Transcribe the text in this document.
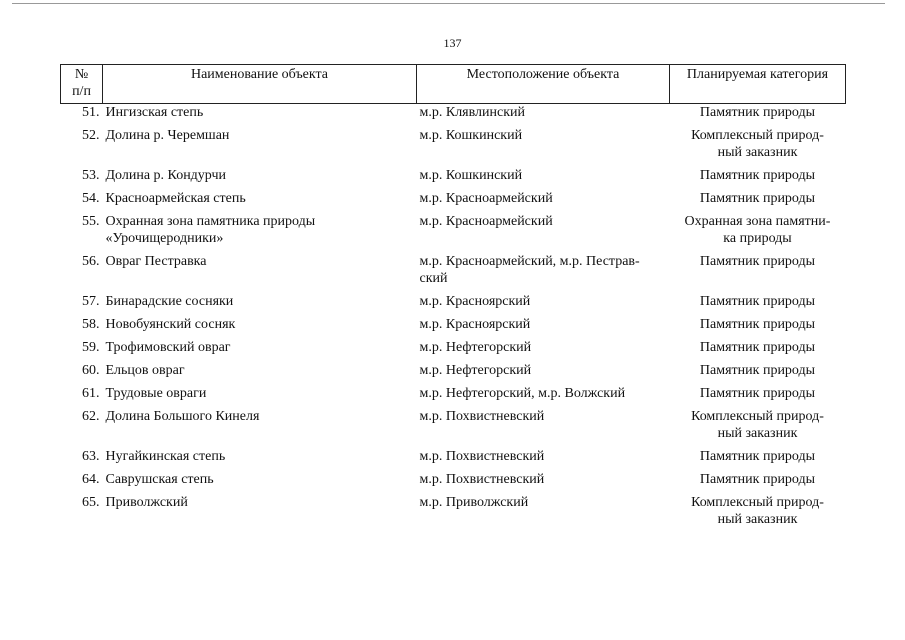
137
№
п/п	Наименование объекта	Местоположение объекта	Планируемая категория
51.	Ингизская степь	м.р. Клявлинский	Памятник природы

52.	Долина р. Черемшан	м.р. Кошкинский	Комплексный природ-
ный заказник

53.	Долина р. Кондурчи	м.р. Кошкинский	Памятник природы

54.	Красноармейская степь	м.р. Красноармейский	Памятник природы

55.	Охранная зона памятника природы «Урочищеродники»	м.р. Красноармейский	Охранная зона памятни-
ка природы

56.	Овраг Пестравка	м.р. Красноармейский, м.р. Пестрав-
ский	Памятник природы

57.	Бинарадские сосняки	м.р. Красноярский	Памятник природы

58.	Новобуянский сосняк	м.р. Красноярский	Памятник природы

59.	Трофимовский овраг	м.р. Нефтегорский	Памятник природы

60.	Ельцов овраг	м.р. Нефтегорский	Памятник природы

61.	Трудовые овраги	м.р. Нефтегорский, м.р. Волжский	Памятник природы

62.	Долина Большого Кинеля	м.р. Похвистневский	Комплексный природ-
ный заказник

63.	Нугайкинская степь	м.р. Похвистневский	Памятник природы

64.	Саврушская степь	м.р. Похвистневский	Памятник природы

65.	Приволжский	м.р. Приволжский	Комплексный природ-
ный заказник
